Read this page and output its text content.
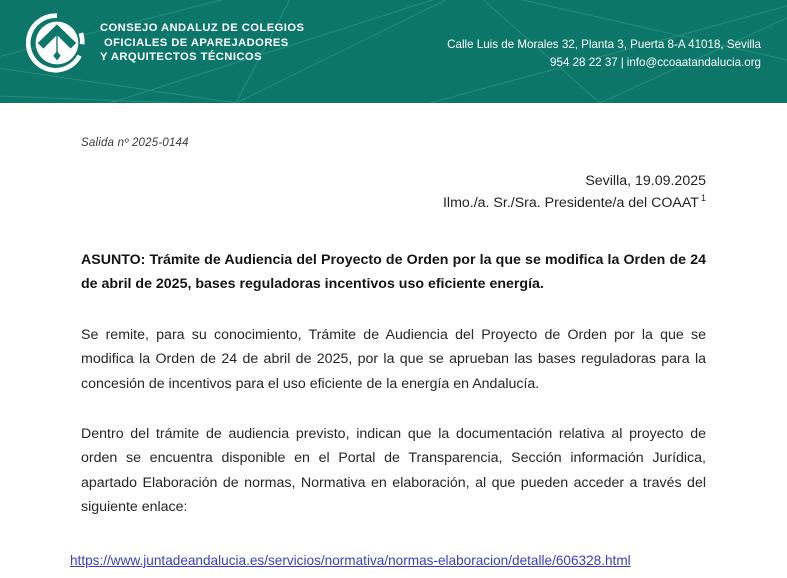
CONSEJO ANDALUZ DE COLEGIOS
OFICIALES DE APAREJADORES
Y ARQUITECTOS TÉCNICOS
Calle Luis de Morales 32, Planta 3, Puerta 8-A 41018, Sevilla
954 28 22 37 | info@ccoaatandalucia.org
Salida nº 2025-0144
Sevilla, 19.09.2025
Ilmo./a. Sr./Sra. Presidente/a del COAAT $^1$
ASUNTO: Trámite de Audiencia del Proyecto de Orden por la que se modifica la Orden de 24 de abril de 2025, bases reguladoras incentivos uso eficiente energía.
Se remite, para su conocimiento, Trámite de Audiencia del Proyecto de Orden por la que se modifica la Orden de 24 de abril de 2025, por la que se aprueban las bases reguladoras para la concesión de incentivos para el uso eficiente de la energía en Andalucía.
Dentro del trámite de audiencia previsto, indican que la documentación relativa al proyecto de orden se encuentra disponible en el Portal de Transparencia, Sección información Jurídica, apartado Elaboración de normas, Normativa en elaboración, al que pueden acceder a través del siguiente enlace:
https://www.juntadeandalucia.es/servicios/normativa/normas-elaboracion/detalle/606328.html
